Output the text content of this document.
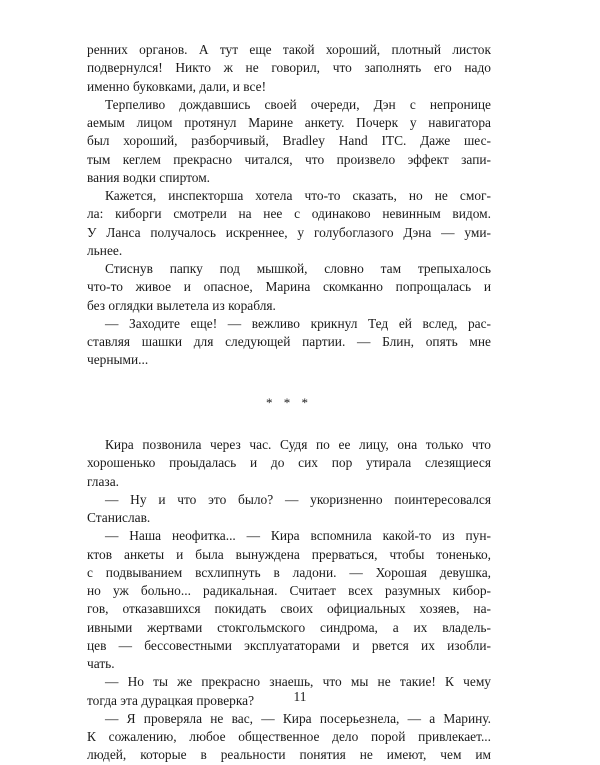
ренних органов. А тут еще такой хороший, плотный листок
подвернулся! Никто ж не говорил, что заполнять его надо
именно буковками, дали, и все!
Терпеливо дождавшись своей очереди, Дэн с непроницe
аемым лицом протянул Марине анкету. Почерк у навигатора
был хороший, разборчивый, Bradley Hand ITC. Даже шес-
тым кеглем прекрасно читался, что произвело эффект запи-
вания водки спиртом.
Кажется, инспекторша хотела что-то сказать, но не смог-
ла: киборги смотрели на нее с одинаково невинным видом.
У Ланса получалось искреннее, у голубоглазого Дэна — уми-
льнее.
Стиснув папку под мышкой, словно там трепыхалось
что-то живое и опасное, Марина скомканно попрощалась и
без оглядки вылетела из корабля.
— Заходите еще! — вежливо крикнул Тед ей вслед, рас-
ставляя шашки для следующей партии. — Блин, опять мне
черными...
* * *
Кира позвонила через час. Судя по ее лицу, она только что
хорошенько проыдалась и до сих пор утирала слезящиеся
глаза.
— Ну и что это было? — укоризненно поинтересовался
Станислав.
— Наша неофитка... — Кира вспомнила какой-то из пун-
ктов анкеты и была вынуждена прерваться, чтобы тоненько,
с подвыванием всхлипнуть в ладони. — Хорошая девушка,
но уж больно... радикальная. Считает всех разумных кибор-
гов, отказавшихся покидать своих официальных хозяев, на-
ивными жертвами стокгольмского синдрома, а их владель-
цев — бессовестными эксплуататорами и рвется их изобли-
чать.
— Но ты же прекрасно знаешь, что мы не такие! К чему
тогда эта дурацкая проверка?
— Я проверяла не вас, — Кира посерьезнела, — а Марину.
К сожалению, любое общественное дело порой привлекает...
людей, которые в реальности понятия не имеют, чем им
11
